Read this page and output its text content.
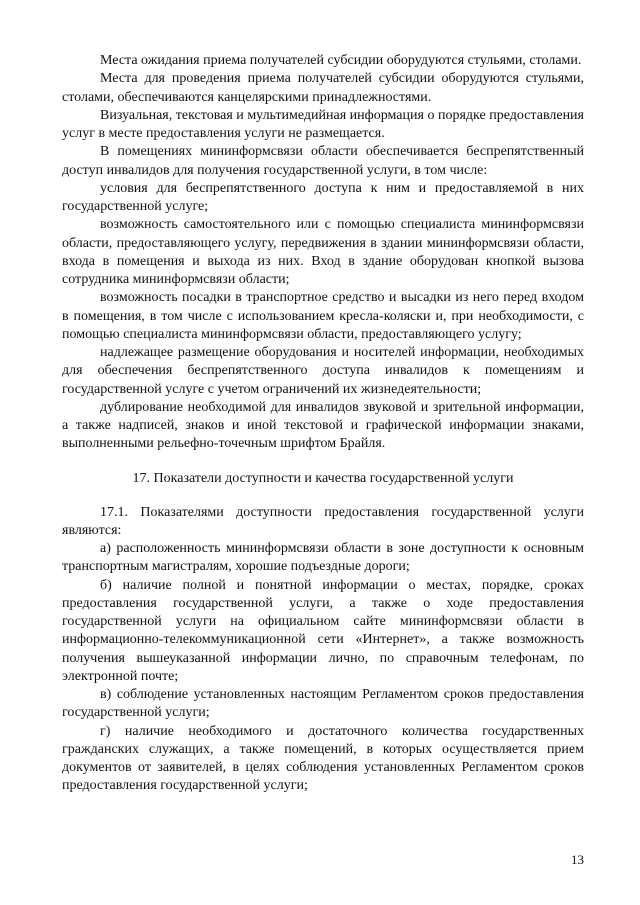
Места ожидания приема получателей субсидии оборудуются стульями, столами.

Места для проведения приема получателей субсидии оборудуются стульями, столами, обеспечиваются канцелярскими принадлежностями.

Визуальная, текстовая и мультимедийная информация о порядке предоставления услуг в месте предоставления услуги не размещается.

В помещениях мининформсвязи области обеспечивается беспрепятственный доступ инвалидов для получения государственной услуги, в том числе:

условия для беспрепятственного доступа к ним и предоставляемой в них государственной услуге;

возможность самостоятельного или с помощью специалиста мининформсвязи области, предоставляющего услугу, передвижения в здании мининформсвязи области, входа в помещения и выхода из них. Вход в здание оборудован кнопкой вызова сотрудника мининформсвязи области;

возможность посадки в транспортное средство и высадки из него перед входом в помещения, в том числе с использованием кресла-коляски и, при необходимости, с помощью специалиста мининформсвязи области, предоставляющего услугу;

надлежащее размещение оборудования и носителей информации, необходимых для обеспечения беспрепятственного доступа инвалидов к помещениям и государственной услуге с учетом ограничений их жизнедеятельности;

дублирование необходимой для инвалидов звуковой и зрительной информации, а также надписей, знаков и иной текстовой и графической информации знаками, выполненными рельефно-точечным шрифтом Брайля.

17. Показатели доступности и качества государственной услуги

17.1. Показателями доступности предоставления государственной услуги являются:

а) расположенность мининформсвязи области в зоне доступности к основным транспортным магистралям, хорошие подъездные дороги;

б) наличие полной и понятной информации о местах, порядке, сроках предоставления государственной услуги, а также о ходе предоставления государственной услуги на официальном сайте мининформсвязи области в информационно-телекоммуникационной сети «Интернет», а также возможность получения вышеуказанной информации лично, по справочным телефонам, по электронной почте;

в) соблюдение установленных настоящим Регламентом сроков предоставления государственной услуги;

г) наличие необходимого и достаточного количества государственных гражданских служащих, а также помещений, в которых осуществляется прием документов от заявителей, в целях соблюдения установленных Регламентом сроков предоставления государственной услуги;

13
